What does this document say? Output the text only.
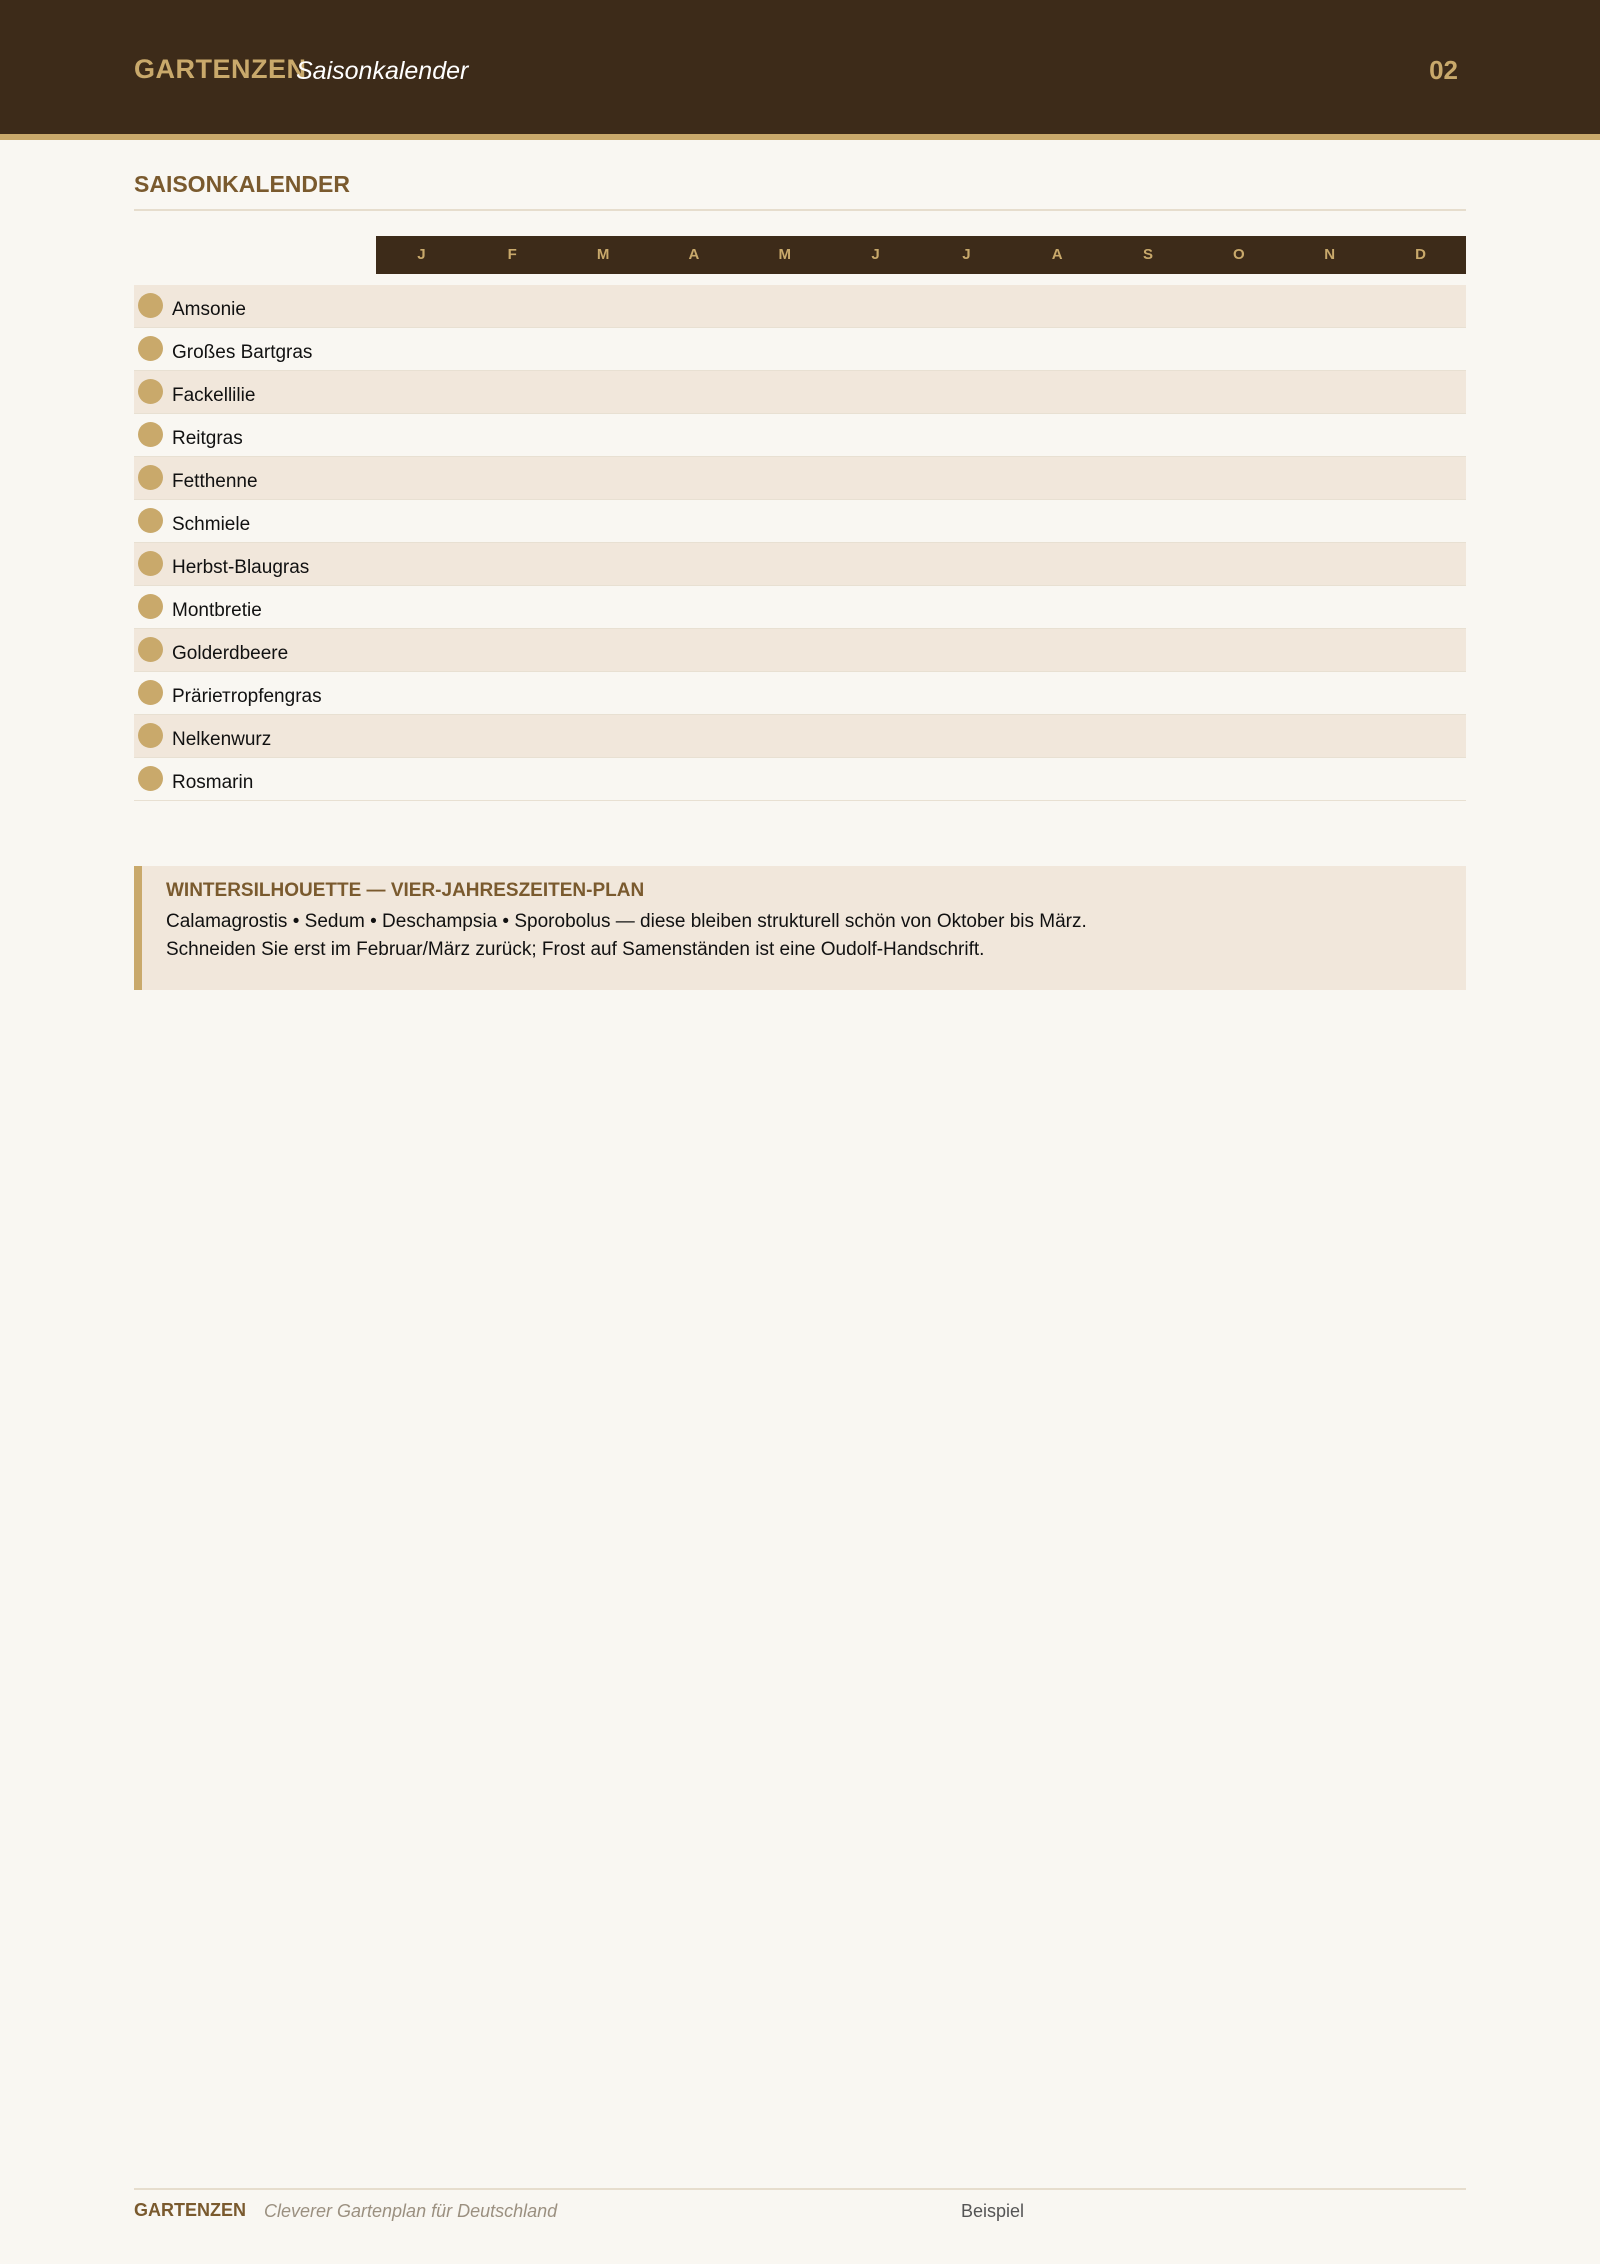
GARTENZEN
Saisonkalender	02
SAISONKALENDER
J	F	M	A	M	J	J	A	S	O	N	D
Amsonie
Großes Bartgras
Fackellilie
Reitgras
Fetthenne
Schmiele
Herbst-Blaugras
Montbretie
Golderdbeere
Präriетropfengras
Nelkenwurz
Rosmarin
WINTERSILHOUETTE — VIER-JAHRESZEITEN-PLAN
Calamagrostis • Sedum • Deschampsia • Sporobolus — diese bleiben strukturell schön von Oktober bis März.
Schneiden Sie erst im Februar/März zurück; Frost auf Samenständen ist eine Oudolf-Handschrift.
GARTENZEN Cleverer Gartenplan für Deutschland	Beispiel
